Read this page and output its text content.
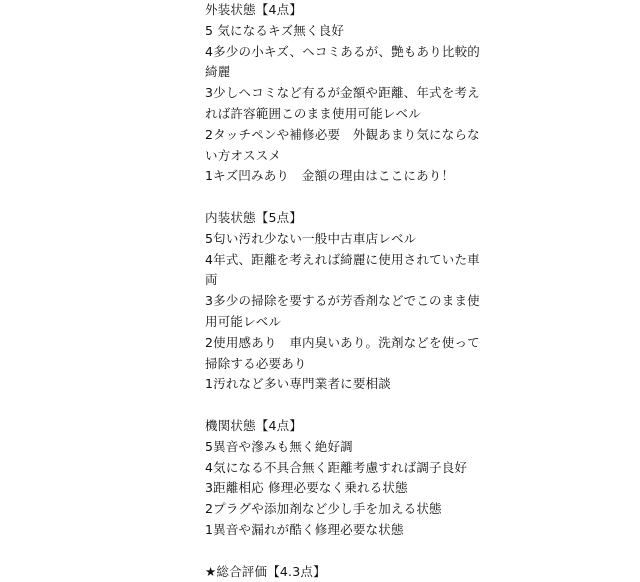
外装状態【4点】
5 気になるキズ無く良好
4多少の小キズ、ヘコミあるが、艶もあり比較的
綺麗
3少しヘコミなど有るが金額や距離、年式を考え
れば許容範囲このまま使用可能レベル
2タッチペンや補修必要　外観あまり気にならな
い方オススメ
1キズ凹みあり　金額の理由はここにあり！
内装状態【5点】
5匂い汚れ少ない一般中古車店レベル
4年式、距離を考えれば綺麗に使用されていた車
両
3多少の掃除を要するが芳香剤などでこのまま使
用可能レベル
2使用感あり　車内臭いあり。洗剤などを使って
掃除する必要あり
1汚れなど多い専門業者に要相談
機関状態【4点】
5異音や滲みも無く絶好調
4気になる不具合無く距離考慮すれば調子良好
3距離相応 修理必要なく乗れる状態
2プラグや添加剤など少し手を加える状態
1異音や漏れが酷く修理必要な状態
★総合評価【4.3点】
